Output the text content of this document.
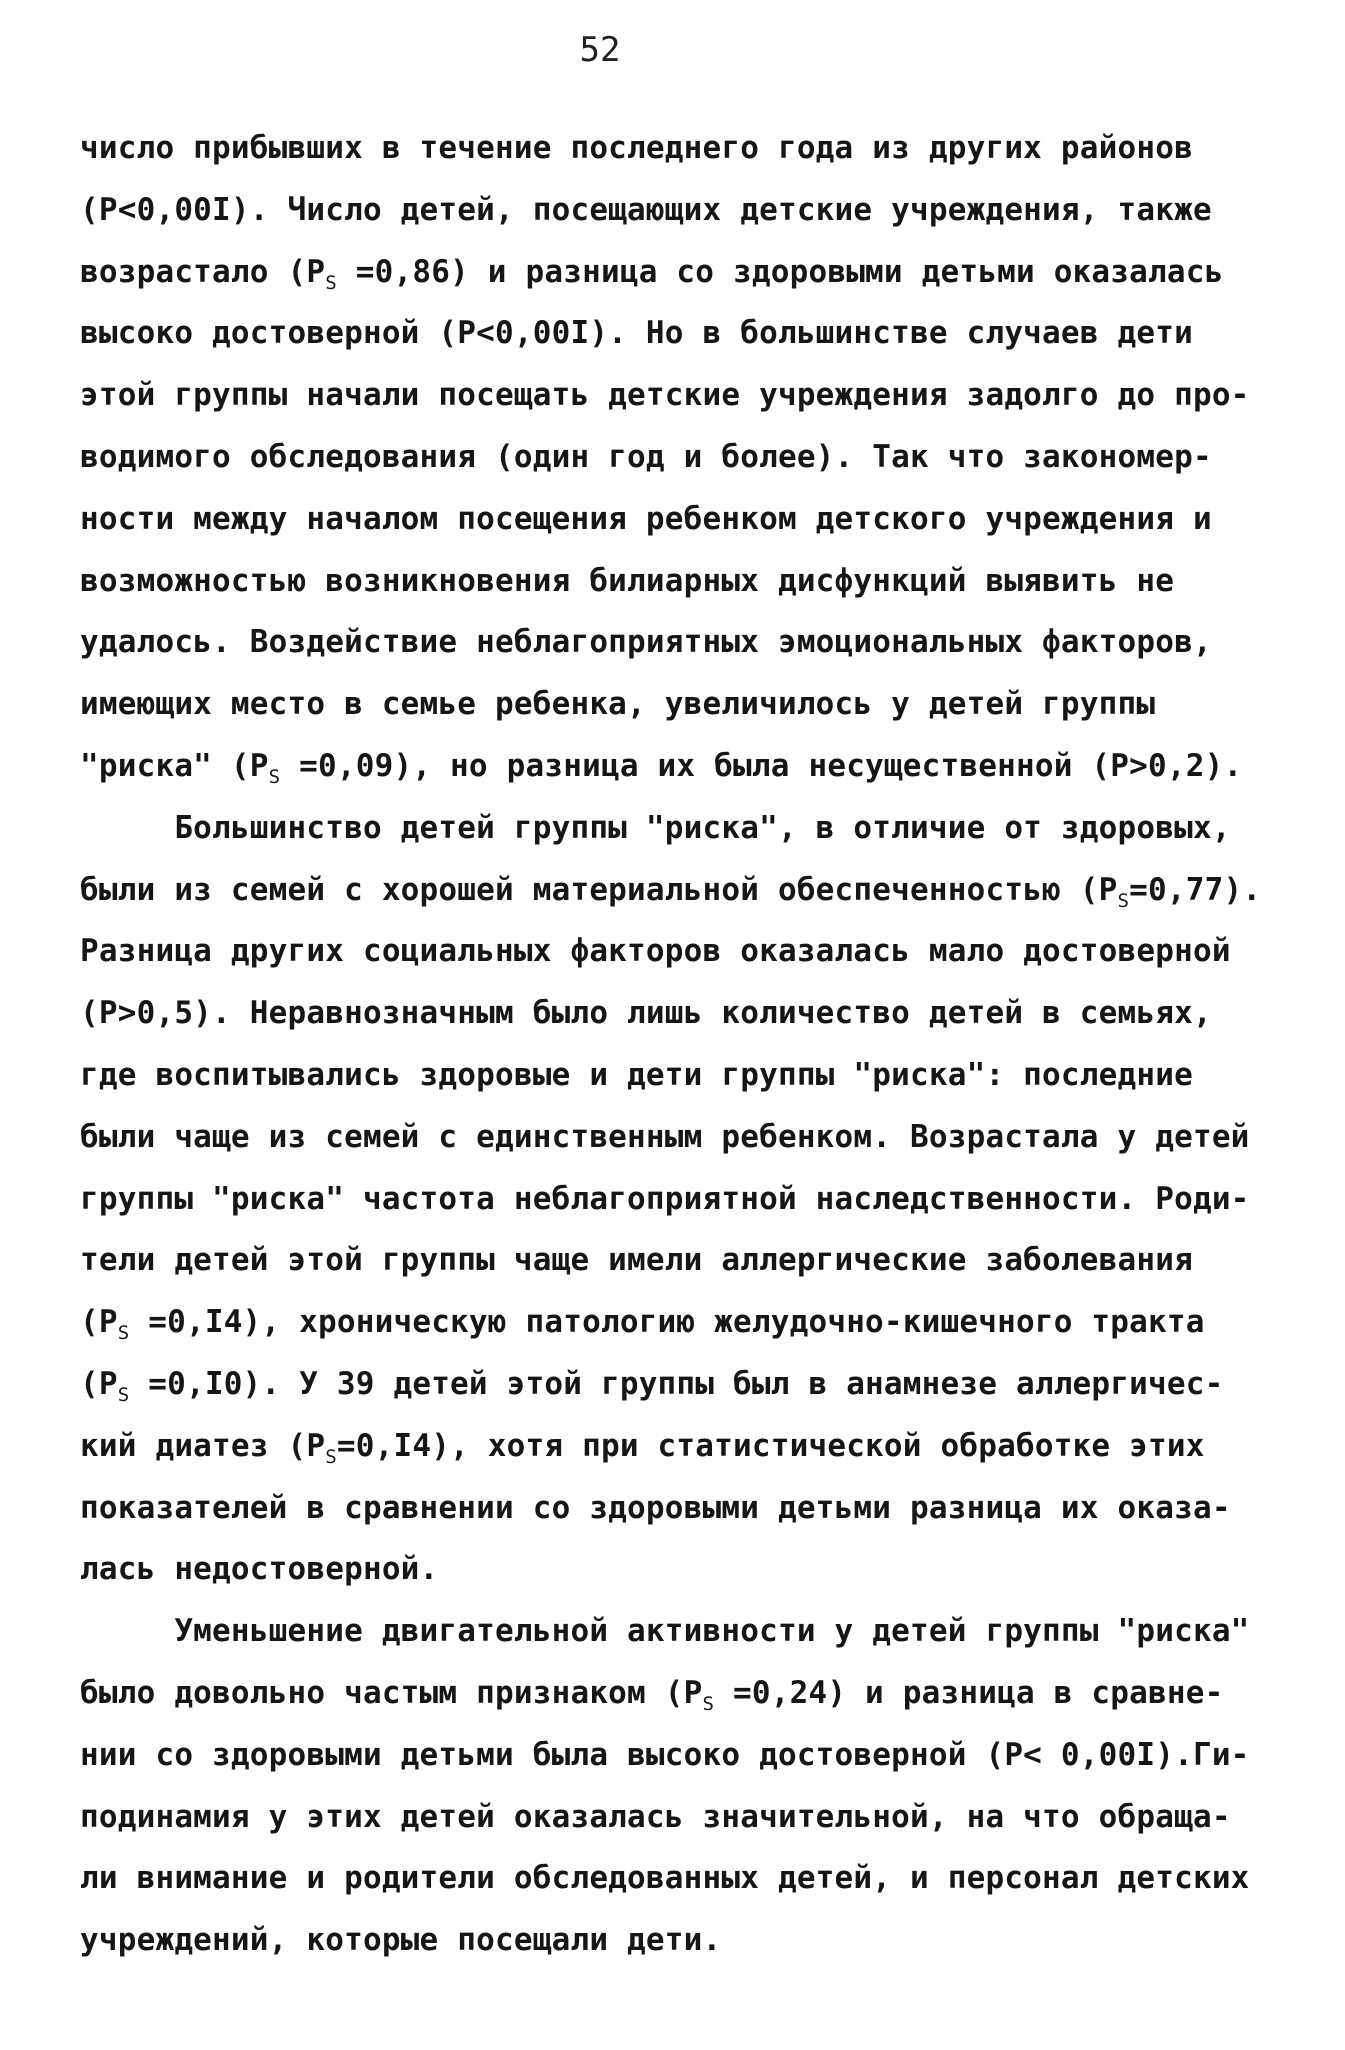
52
число прибывших в течение последнего года из других районов
(P<0,00I). Число детей, посещающих детские учреждения, также
возрастало $(P_S =0,86)$ и разница со здоровыми детьми оказалась
высоко достоверной (P<0,00I). Но в большинстве случаев дети
этой группы начали посещать детские учреждения задолго до про-
водимого обследования (один год и более). Так что закономер-
ности между началом посещения ребенком детского учреждения и
возможностью возникновения билиарных дисфункций выявить не
удалось. Воздействие неблагоприятных эмоциональных факторов,
имеющих место в семье ребенка, увеличилось у детей группы
"риска" $(P_S =0,09)$, но разница их была несущественной (P>0,2).
Большинство детей группы "риска", в отличие от здоровых,
были из семей с хорошей материальной обеспеченностью $(P_S=0,77)$.
Разница других социальных факторов оказалась мало достоверной
(P>0,5). Неравнозначным было лишь количество детей в семьях,
где воспитывались здоровые и дети группы "риска": последние
были чаще из семей с единственным ребенком. Возрастала у детей
группы "риска" частота неблагоприятной наследственности. Роди-
тели детей этой группы чаще имели аллергические заболевания
$(P_S =0,I4)$, хроническую патологию желудочно-кишечного тракта
$(P_S =0,I0)$. У 39 детей этой группы был в анамнезе аллергичес-
кий диатез $(P_S=0,I4)$, хотя при статистической обработке этих
показателей в сравнении со здоровыми детьми разница их оказа-
лась недостоверной.
Уменьшение двигательной активности у детей группы "риска"
было довольно частым признаком $(P_S =0,24)$ и разница в сравне-
нии со здоровыми детьми была высоко достоверной (P< 0,00I).Ги-
подинамия у этих детей оказалась значительной, на что обраща-
ли внимание и родители обследованных детей, и персонал детских
учреждений, которые посещали дети.
